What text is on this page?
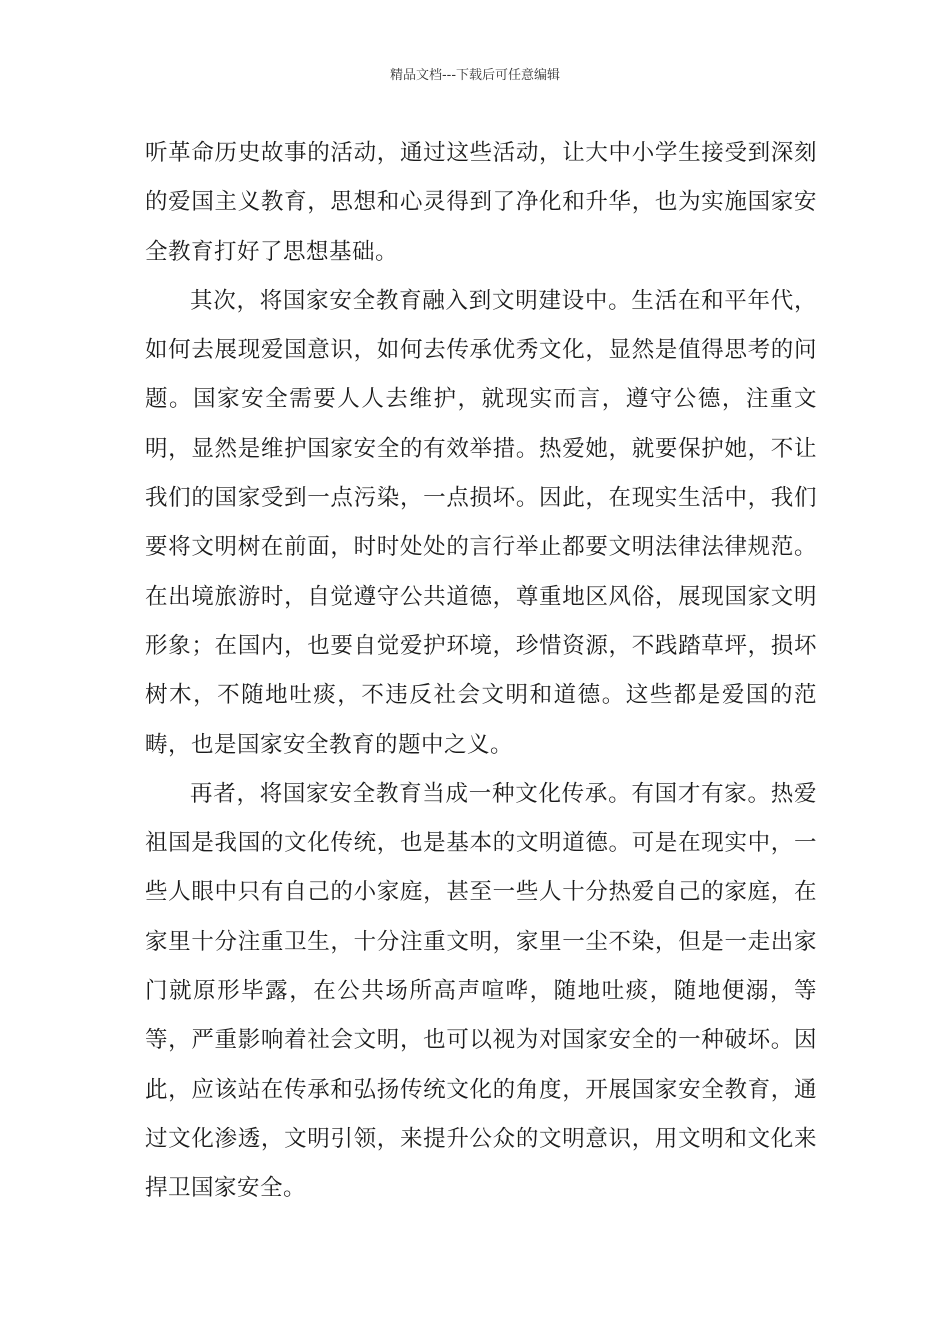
精品文档---下载后可任意编辑

听革命历史故事的活动，通过这些活动，让大中小学生接受到深刻的爱国主义教育，思想和心灵得到了净化和升华，也为实施国家安全教育打好了思想基础。

其次，将国家安全教育融入到文明建设中。生活在和平年代，如何去展现爱国意识，如何去传承优秀文化，显然是值得思考的问题。国家安全需要人人去维护，就现实而言，遵守公德，注重文明，显然是维护国家安全的有效举措。热爱她，就要保护她，不让我们的国家受到一点污染，一点损坏。因此，在现实生活中，我们要将文明树在前面，时时处处的言行举止都要文明法律法律规范。在出境旅游时，自觉遵守公共道德，尊重地区风俗，展现国家文明形象；在国内，也要自觉爱护环境，珍惜资源，不践踏草坪，损坏树木，不随地吐痰，不违反社会文明和道德。这些都是爱国的范畴，也是国家安全教育的题中之义。

再者，将国家安全教育当成一种文化传承。有国才有家。热爱祖国是我国的文化传统，也是基本的文明道德。可是在现实中，一些人眼中只有自己的小家庭，甚至一些人十分热爱自己的家庭，在家里十分注重卫生，十分注重文明，家里一尘不染，但是一走出家门就原形毕露，在公共场所高声喧哗，随地吐痰，随地便溺，等等，严重影响着社会文明，也可以视为对国家安全的一种破坏。因此，应该站在传承和弘扬传统文化的角度，开展国家安全教育，通过文化渗透，文明引领，来提升公众的文明意识，用文明和文化来捍卫国家安全。
